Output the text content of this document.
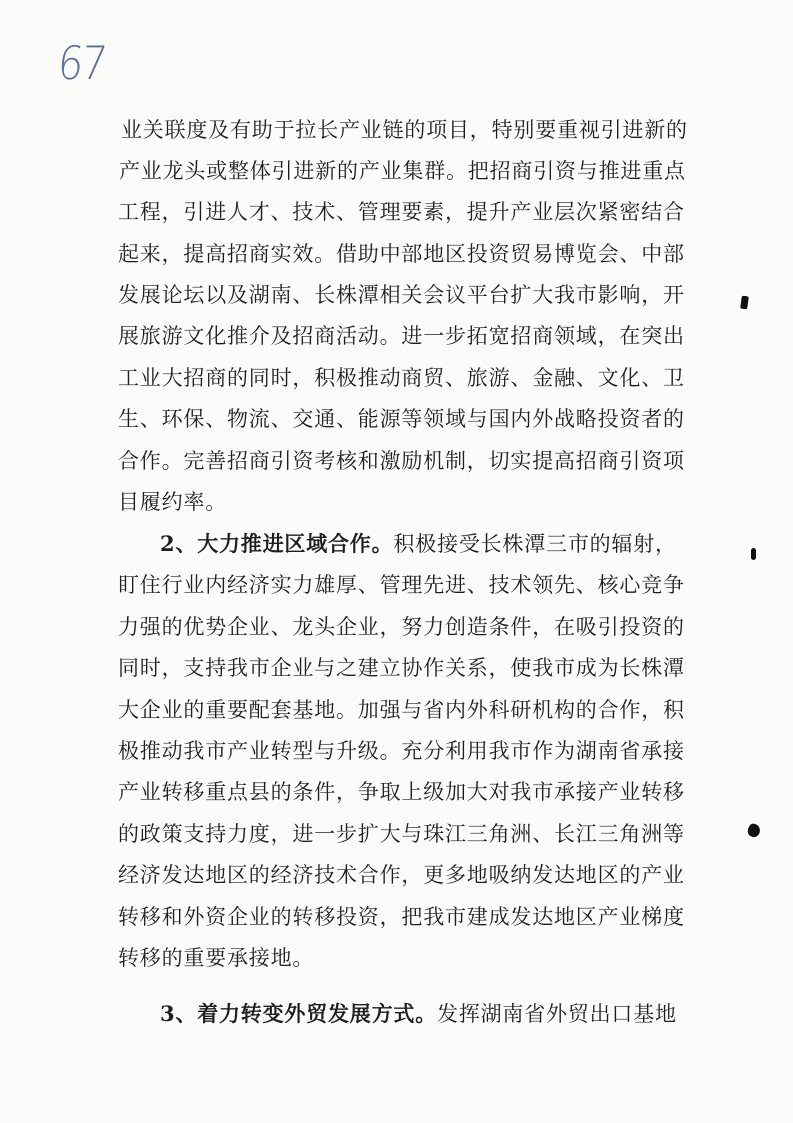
67
业关联度及有助于拉长产业链的项目，特别要重视引进新的
产业龙头或整体引进新的产业集群。把招商引资与推进重点
工程，引进人才、技术、管理要素，提升产业层次紧密结合
起来，提高招商实效。借助中部地区投资贸易博览会、中部
发展论坛以及湖南、长株潭相关会议平台扩大我市影响，开
展旅游文化推介及招商活动。进一步拓宽招商领域，在突出
工业大招商的同时，积极推动商贸、旅游、金融、文化、卫
生、环保、物流、交通、能源等领域与国内外战略投资者的
合作。完善招商引资考核和激励机制，切实提高招商引资项
目履约率。
2、大力推进区域合作。积极接受长株潭三市的辐射，
盯住行业内经济实力雄厚、管理先进、技术领先、核心竞争
力强的优势企业、龙头企业，努力创造条件，在吸引投资的
同时，支持我市企业与之建立协作关系，使我市成为长株潭
大企业的重要配套基地。加强与省内外科研机构的合作，积
极推动我市产业转型与升级。充分利用我市作为湖南省承接
产业转移重点县的条件，争取上级加大对我市承接产业转移
的政策支持力度，进一步扩大与珠江三角洲、长江三角洲等
经济发达地区的经济技术合作，更多地吸纳发达地区的产业
转移和外资企业的转移投资，把我市建成发达地区产业梯度
转移的重要承接地。
3、着力转变外贸发展方式。发挥湖南省外贸出口基地
